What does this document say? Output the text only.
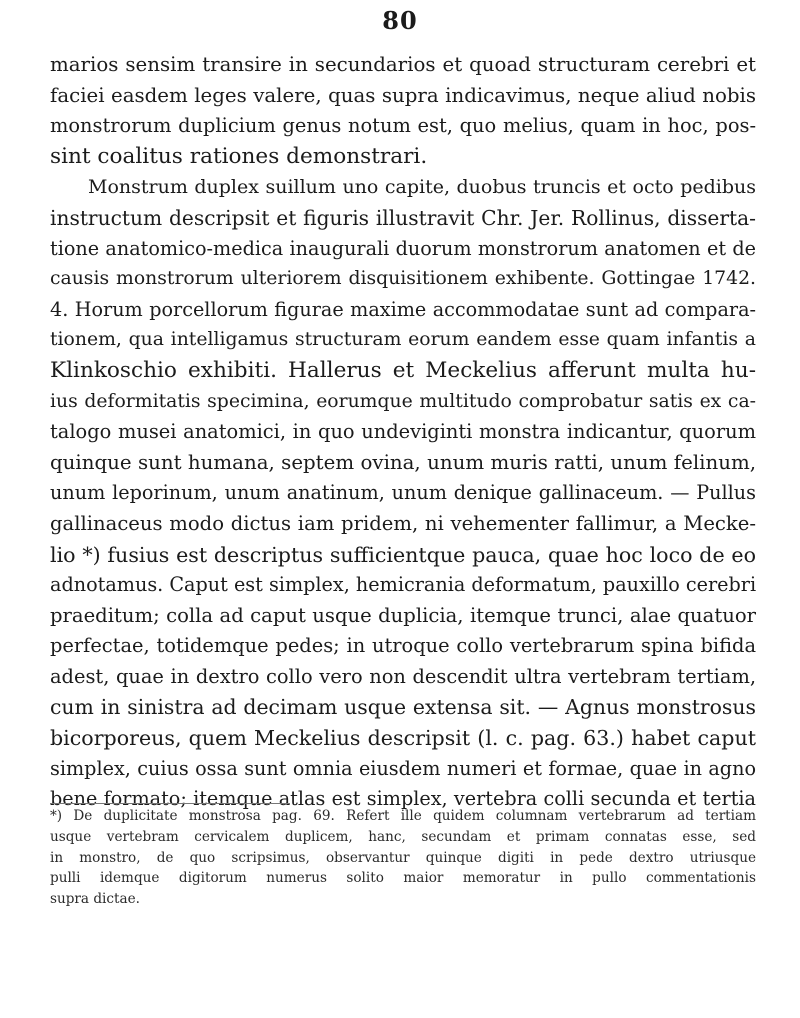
80
marios sensim transire in secundarios et quoad structuram cerebri et
faciei easdem leges valere, quas supra indicavimus, neque aliud nobis
monstrorum duplicium genus notum est, quo melius, quam in hoc, pos-
sint coalitus rationes demonstrari.
Monstrum duplex suillum uno capite, duobus truncis et octo pedibus
instructum descripsit et figuris illustravit Chr. Jer. Rollinus, disserta-
tione anatomico-medica inaugurali duorum monstrorum anatomen et de
causis monstrorum ulteriorem disquisitionem exhibente. Gottingae 1742.
4. Horum porcellorum figurae maxime accommodatae sunt ad compara-
tionem, qua intelligamus structuram eorum eandem esse quam infantis a
Klinkoschio exhibiti. Hallerus et Meckelius afferunt multa hu-
ius deformitatis specimina, eorumque multitudo comprobatur satis ex ca-
talogo musei anatomici, in quo undeviginti monstra indicantur, quorum
quinque sunt humana, septem ovina, unum muris ratti, unum felinum,
unum leporinum, unum anatinum, unum denique gallinaceum. — Pullus
gallinaceus modo dictus iam pridem, ni vehementer fallimur, a Mecke-
lio *) fusius est descriptus sufficientque pauca, quae hoc loco de eo
adnotamus. Caput est simplex, hemicrania deformatum, pauxillo cerebri
praeditum; colla ad caput usque duplicia, itemque trunci, alae quatuor
perfectae, totidemque pedes; in utroque collo vertebrarum spina bifida
adest, quae in dextro collo vero non descendit ultra vertebram tertiam,
cum in sinistra ad decimam usque extensa sit. — Agnus monstrosus
bicorporeus, quem Meckelius descripsit (l. c. pag. 63.) habet caput
simplex, cuius ossa sunt omnia eiusdem numeri et formae, quae in agno
bene formato; itemque atlas est simplex, vertebra colli secunda et tertia
*) De duplicitate monstrosa pag. 69. Refert ille quidem columnam vertebrarum ad tertiam
usque vertebram cervicalem duplicem, hanc, secundam et primam connatas esse, sed
in monstro, de quo scripsimus, observantur quinque digiti in pede dextro utriusque
pulli idemque digitorum numerus solito maior memoratur in pullo commentationis
supra dictae.
